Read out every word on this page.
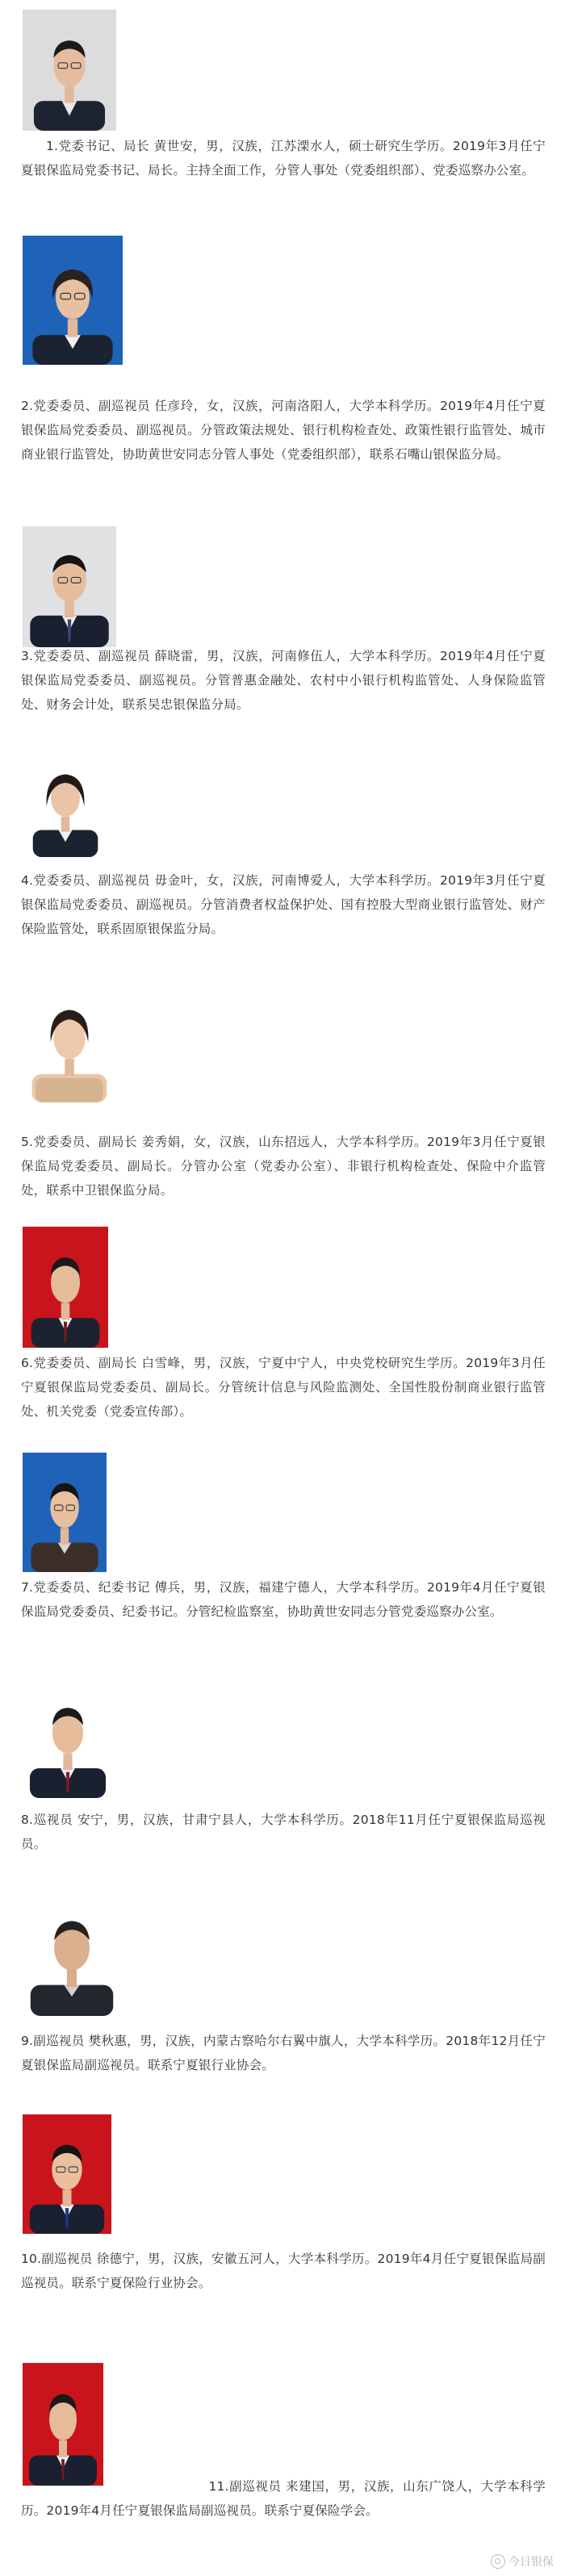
1.党委书记、局长 黄世安，男，汉族，江苏溧水人，硕士研究生学历。2019年3月任宁夏银保监局党委书记、局长。主持全面工作，分管人事处（党委组织部）、党委巡察办公室。

2.党委委员、副巡视员 任彦玲，女，汉族，河南洛阳人，大学本科学历。2019年4月任宁夏银保监局党委委员、副巡视员。分管政策法规处、银行机构检查处、政策性银行监管处、城市商业银行监管处，协助黄世安同志分管人事处（党委组织部），联系石嘴山银保监分局。

3.党委委员、副巡视员 薛晓雷，男，汉族，河南修伍人，大学本科学历。2019年4月任宁夏银保监局党委委员、副巡视员。分管普惠金融处、农村中小银行机构监管处、人身保险监管处、财务会计处，联系吴忠银保监分局。

4.党委委员、副巡视员 毋金叶，女，汉族，河南博爱人，大学本科学历。2019年3月任宁夏银保监局党委委员、副巡视员。分管消费者权益保护处、国有控股大型商业银行监管处、财产保险监管处，联系固原银保监分局。

5.党委委员、副局长 姜秀娟，女，汉族，山东招远人，大学本科学历。2019年3月任宁夏银保监局党委委员、副局长。分管办公室（党委办公室）、非银行机构检查处、保险中介监管处，联系中卫银保监分局。

6.党委委员、副局长 白雪峰，男，汉族，宁夏中宁人，中央党校研究生学历。2019年3月任宁夏银保监局党委委员、副局长。分管统计信息与风险监测处、全国性股份制商业银行监管处、机关党委（党委宣传部）。

7.党委委员、纪委书记 傅兵，男，汉族，福建宁德人，大学本科学历。2019年4月任宁夏银保监局党委委员、纪委书记。分管纪检监察室，协助黄世安同志分管党委巡察办公室。

8.巡视员 安宁，男，汉族，甘肃宁县人，大学本科学历。2018年11月任宁夏银保监局巡视员。

9.副巡视员 樊秋惠，男，汉族，内蒙古察哈尔右翼中旗人，大学本科学历。2018年12月任宁夏银保监局副巡视员。联系宁夏银行业协会。

10.副巡视员 徐德宁，男，汉族，安徽五河人，大学本科学历。2019年4月任宁夏银保监局副巡视员。联系宁夏保险行业协会。

11.副巡视员 来建国，男，汉族，山东广饶人，大学本科学历。2019年4月任宁夏银保监局副巡视员。联系宁夏保险学会。

今日银保
